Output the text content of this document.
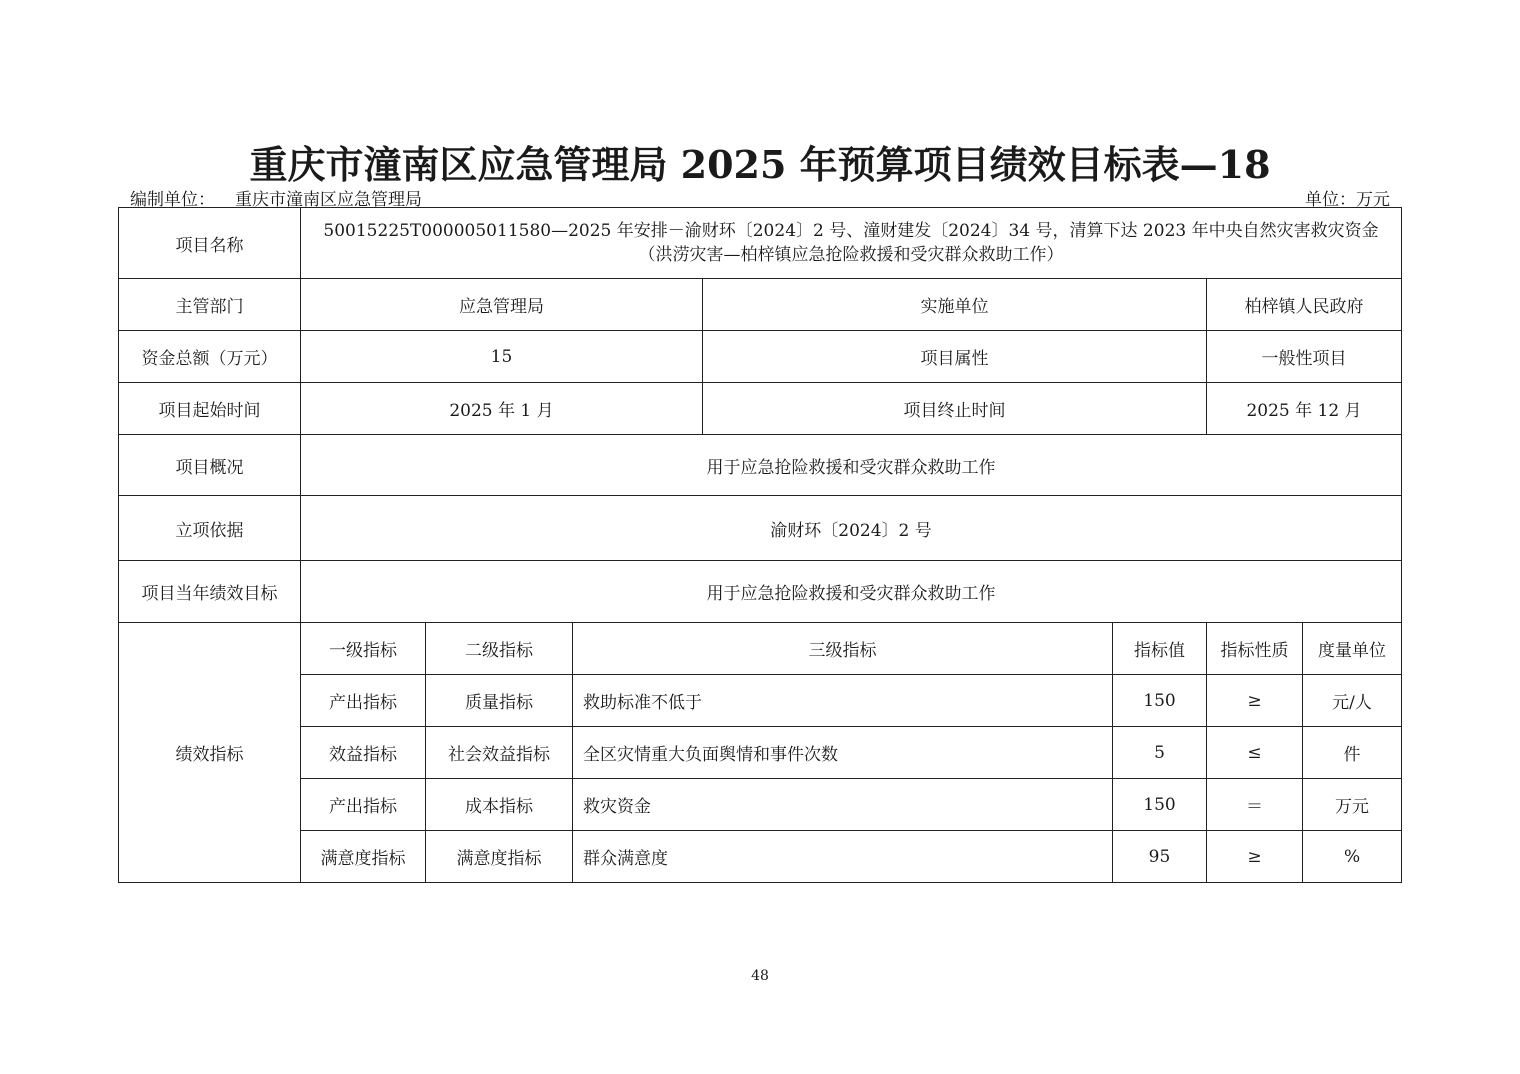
重庆市潼南区应急管理局 2025 年预算项目绩效目标表—18
编制单位： 重庆市潼南区应急管理局	单位：万元
项目名称	50015225T000005011580—2025 年安排－渝财环〔2024〕2 号、潼财建发〔2024〕34 号，清算下达 2023 年中央自然灾害救灾资金
（洪涝灾害—柏梓镇应急抢险救援和受灾群众救助工作）						

主管部门	应急管理局			实施单位		柏梓镇人民政府	
资金总额（万元）	15			项目属性		一般性项目	
项目起始时间	2025 年 1 月			项目终止时间		2025 年 12 月	
项目概况	用于应急抢险救援和受灾群众救助工作						
立项依据	渝财环〔2024〕2 号						
项目当年绩效目标	用于应急抢险救援和受灾群众救助工作						
绩效指标	一级指标	二级指标	三级指标		指标值	指标性质	度量单位
	产出指标	质量指标	救助标准不低于		150	≥	元/人
	效益指标	社会效益指标	全区灾情重大负面舆情和事件次数		5	≤	件
	产出指标	成本指标	救灾资金		150	＝	万元
	满意度指标	满意度指标	群众满意度		95	≥	%
48
